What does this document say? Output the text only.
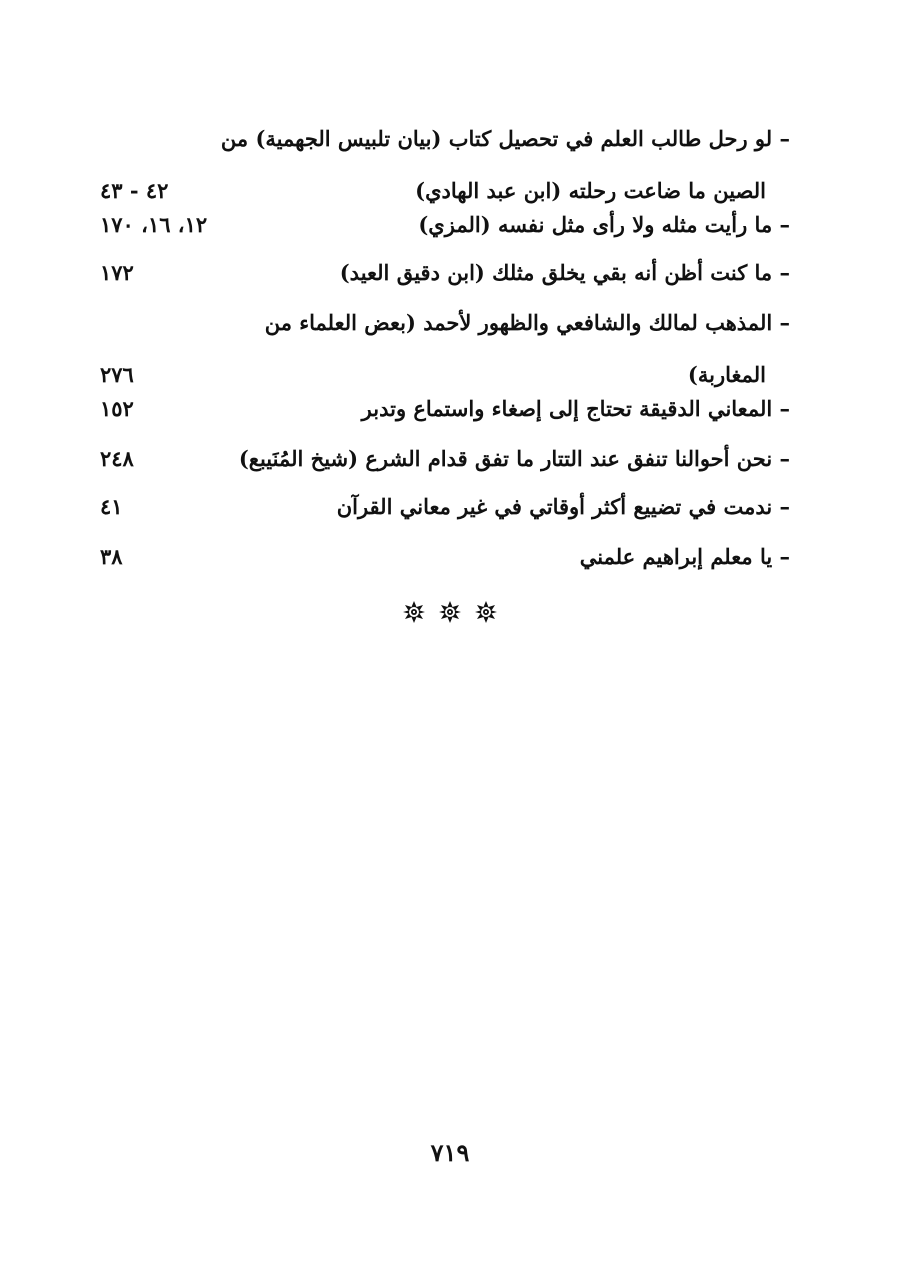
– لو رحل طالب العلم في تحصيل كتاب (بيان تلبيس الجهمية) من
الصين ما ضاعت رحلته (ابن عبد الهادي)
٤٢ - ٤٣
– ما رأيت مثله ولا رأى مثل نفسه (المزي)
١٢، ١٦، ١٧٠
– ما كنت أظن أنه بقي يخلق مثلك (ابن دقيق العيد)
١٧٢
– المذهب لمالك والشافعي والظهور لأحمد (بعض العلماء من
المغاربة)
٢٧٦
– المعاني الدقيقة تحتاج إلى إصغاء واستماع وتدبر
١٥٢
– نحن أحوالنا تنفق عند التتار ما تفق قدام الشرع (شيخ المُنَيبع)
٢٤٨
– ندمت في تضييع أكثر أوقاتي في غير معاني القرآن
٤١
– يا معلم إبراهيم علمني
٣٨
٧١٩
